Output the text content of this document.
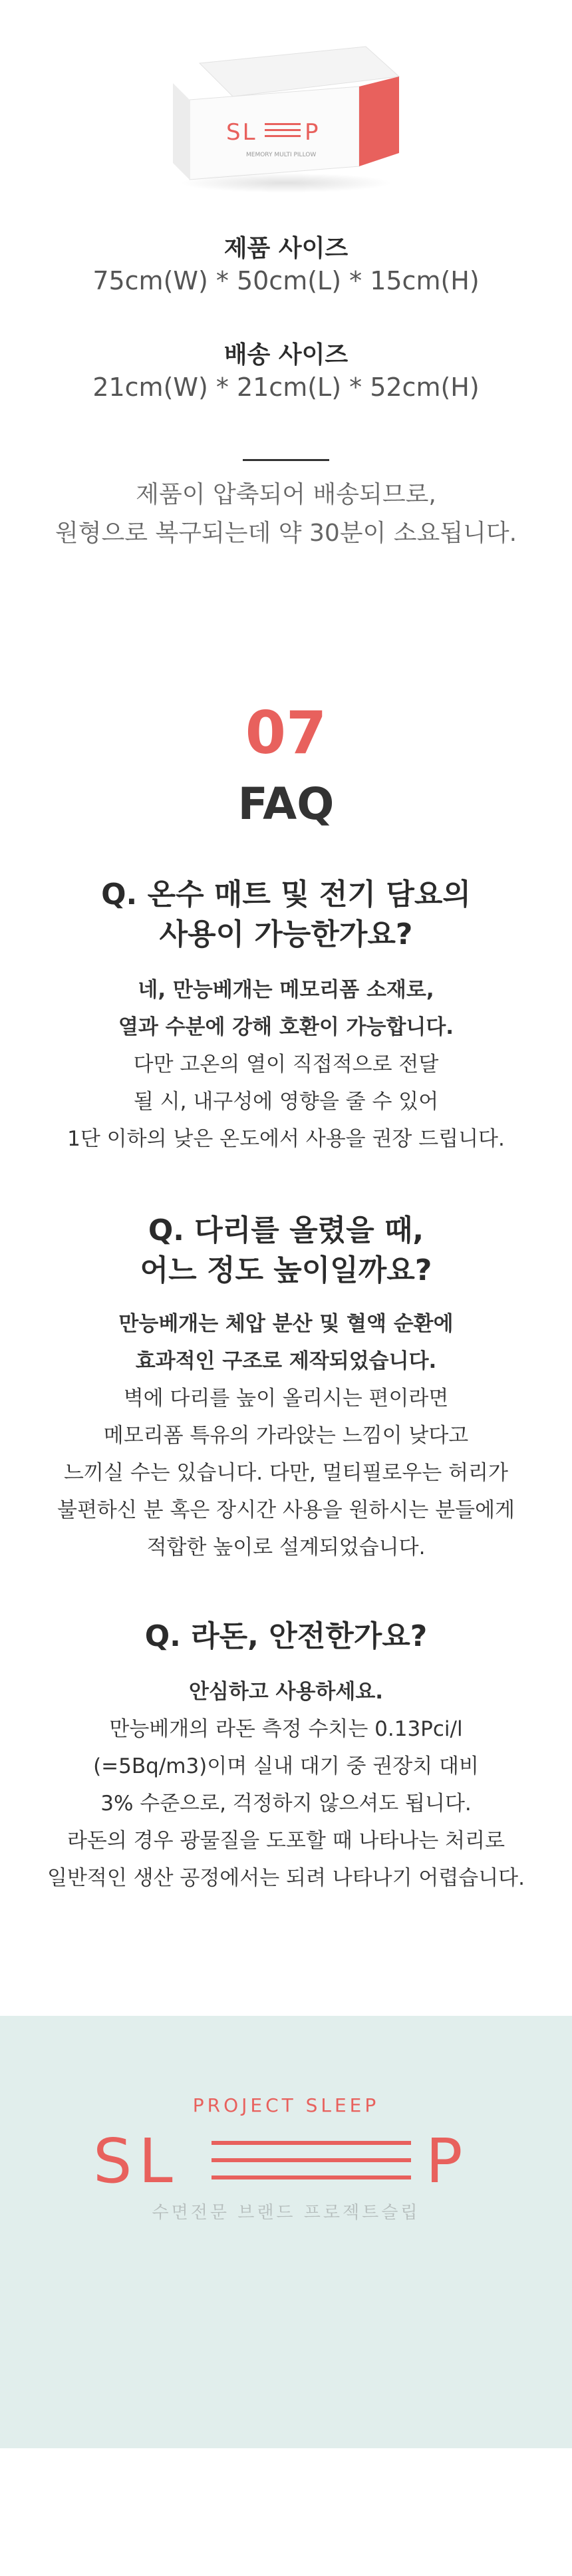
SL P
MEMORY MULTI PILLOW
제품 사이즈
75cm(W) * 50cm(L) * 15cm(H)
배송 사이즈
21cm(W) * 21cm(L) * 52cm(H)
제품이 압축되어 배송되므로,
원형으로 복구되는데 약 30분이 소요됩니다.
07
FAQ
Q. 온수 매트 및 전기 담요의
사용이 가능한가요?
네, 만능베개는 메모리폼 소재로,
열과 수분에 강해 호환이 가능합니다.
다만 고온의 열이 직접적으로 전달
될 시, 내구성에 영향을 줄 수 있어
1단 이하의 낮은 온도에서 사용을 권장 드립니다.
Q. 다리를 올렸을 때,
어느 정도 높이일까요?
만능베개는 체압 분산 및 혈액 순환에
효과적인 구조로 제작되었습니다.
벽에 다리를 높이 올리시는 편이라면
메모리폼 특유의 가라앉는 느낌이 낮다고
느끼실 수는 있습니다. 다만, 멀티필로우는 허리가
불편하신 분 혹은 장시간 사용을 원하시는 분들에게
적합한 높이로 설계되었습니다.
Q. 라돈, 안전한가요?
안심하고 사용하세요.
만능베개의 라돈 측정 수치는 0.13Pci/l
(=5Bq/m3)이며 실내 대기 중 권장치 대비
3% 수준으로, 걱정하지 않으셔도 됩니다.
라돈의 경우 광물질을 도포할 때 나타나는 처리로
일반적인 생산 공정에서는 되려 나타나기 어렵습니다.
PROJECT SLEEP
SL	P
수면전문 브랜드 프로젝트슬립
